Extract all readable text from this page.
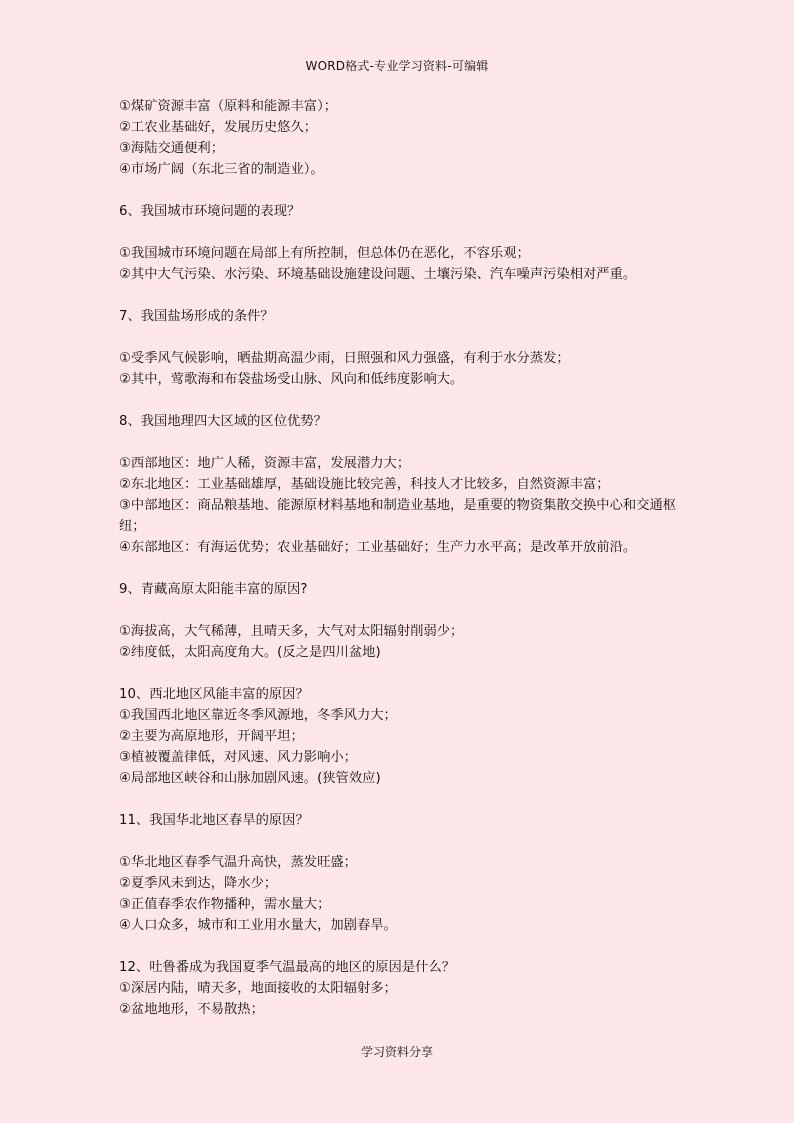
WORD格式-专业学习资料-可编辑
①煤矿资源丰富（原料和能源丰富）；
②工农业基础好，发展历史悠久；
③海陆交通便利；
④市场广阔（东北三省的制造业）。
6、我国城市环境问题的表现？
①我国城市环境问题在局部上有所控制，但总体仍在恶化，不容乐观；
②其中大气污染、水污染、环境基础设施建设问题、土壤污染、汽车噪声污染相对严重。
7、我国盐场形成的条件？
①受季风气候影响，晒盐期高温少雨，日照强和风力强盛，有利于水分蒸发；
②其中，莺歌海和布袋盐场受山脉、风向和低纬度影响大。
8、我国地理四大区域的区位优势？
①西部地区：地广人稀，资源丰富，发展潜力大；
②东北地区：工业基础雄厚，基础设施比较完善，科技人才比较多，自然资源丰富；
③中部地区：商品粮基地、能源原材料基地和制造业基地，是重要的物资集散交换中心和交通枢纽；
④东部地区：有海运优势；农业基础好；工业基础好；生产力水平高；是改革开放前沿。
9、青藏高原太阳能丰富的原因?
①海拔高，大气稀薄，且晴天多，大气对太阳辐射削弱少；
②纬度低，太阳高度角大。(反之是四川盆地)
10、西北地区风能丰富的原因？
①我国西北地区靠近冬季风源地，冬季风力大；
②主要为高原地形，开阔平坦；
③植被覆盖律低，对风速、风力影响小；
④局部地区峡谷和山脉加剧风速。(狭管效应)
11、我国华北地区春旱的原因？
①华北地区春季气温升高快，蒸发旺盛；
②夏季风未到达，降水少；
③正值春季农作物播种，需水量大；
④人口众多，城市和工业用水量大，加剧春旱。
12、吐鲁番成为我国夏季气温最高的地区的原因是什么？
①深居内陆，晴天多，地面接收的太阳辐射多；
②盆地地形，不易散热；
学习资料分享
